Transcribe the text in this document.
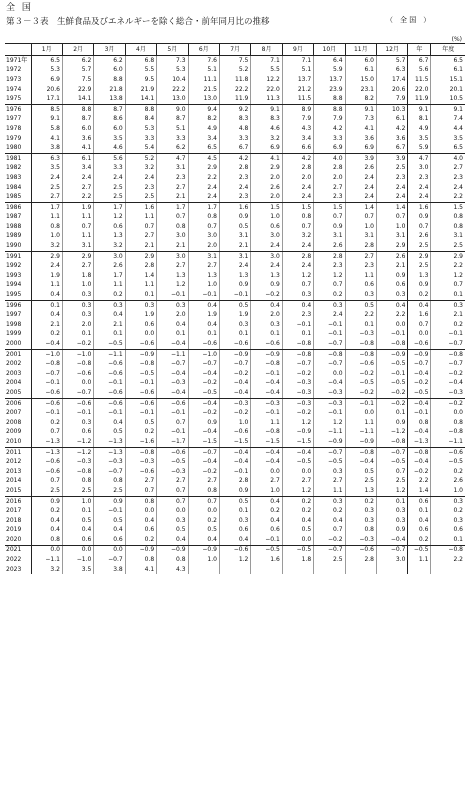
全 国
第３－３表　生鮮食品及びエネルギーを除く総合・前年同月比の推移	（　全 国　）
(%)
	1月	2月	3月	4月	5月	6月	7月	8月	9月	10月	11月	12月	年	年度
1971年	6.5	6.2	6.2	6.8	7.3	7.6	7.5	7.1	7.1	6.4	6.0	5.7	6.7	6.5
1972	5.3	5.7	6.0	5.5	5.3	5.1	5.2	5.5	5.1	5.9	6.1	6.3	5.6	6.1
1973	6.9	7.5	8.8	9.5	10.4	11.1	11.8	12.2	13.7	13.7	15.0	17.4	11.5	15.1
1974	20.6	22.9	21.8	21.9	22.2	21.5	22.2	22.0	21.2	23.9	23.1	20.6	22.0	20.1
1975	17.1	14.1	13.8	14.1	13.0	13.0	11.9	11.3	11.5	8.8	8.2	7.9	11.9	10.5
1976	8.5	8.8	8.7	8.8	9.0	9.4	9.2	9.1	8.9	8.8	9.1	10.3	9.1	9.1
1977	9.1	8.7	8.6	8.4	8.7	8.2	8.3	8.3	7.9	7.9	7.3	6.1	8.1	7.4
1978	5.8	6.0	6.0	5.3	5.1	4.9	4.8	4.6	4.3	4.2	4.1	4.2	4.9	4.4
1979	4.1	3.6	3.5	3.3	3.3	3.4	3.3	3.2	3.4	3.3	3.6	3.6	3.5	3.5
1980	3.8	4.1	4.6	5.4	6.2	6.5	6.7	6.9	6.6	6.9	6.9	6.7	5.9	6.5
1981	6.3	6.1	5.6	5.2	4.7	4.5	4.2	4.1	4.2	4.0	3.9	3.9	4.7	4.0
1982	3.5	3.4	3.3	3.2	3.1	2.9	2.8	2.9	2.8	2.8	2.6	2.5	3.0	2.7
1983	2.4	2.4	2.4	2.4	2.3	2.2	2.3	2.0	2.0	2.0	2.4	2.3	2.3	2.3
1984	2.5	2.7	2.5	2.3	2.7	2.4	2.4	2.6	2.4	2.7	2.4	2.4	2.4	2.4
1985	2.7	2.2	2.5	2.5	2.1	2.4	2.3	2.0	2.4	2.3	2.4	2.4	2.4	2.2
1986	1.7	1.9	1.7	1.6	1.7	1.7	1.6	1.5	1.5	1.5	1.4	1.4	1.6	1.5
1987	1.1	1.1	1.2	1.1	0.7	0.8	0.9	1.0	0.8	0.7	0.7	0.7	0.9	0.8
1988	0.8	0.7	0.6	0.7	0.8	0.7	0.5	0.6	0.7	0.9	1.0	1.0	0.7	0.8
1989	1.0	1.1	1.3	2.7	3.0	3.0	3.1	3.0	3.2	3.1	3.1	3.1	2.6	3.1
1990	3.2	3.1	3.2	2.1	2.1	2.0	2.1	2.4	2.4	2.6	2.8	2.9	2.5	2.5
1991	2.9	2.9	3.0	2.9	3.0	3.1	3.1	3.0	2.8	2.8	2.7	2.6	2.9	2.9
1992	2.4	2.7	2.6	2.8	2.7	2.7	2.4	2.4	2.4	2.3	2.3	2.1	2.5	2.2
1993	1.9	1.8	1.7	1.4	1.3	1.3	1.3	1.3	1.2	1.2	1.1	0.9	1.3	1.2
1994	1.1	1.0	1.1	1.1	1.2	1.0	0.9	0.9	0.7	0.7	0.6	0.6	0.9	0.7
1995	0.4	0.3	0.2	0.1	−0.1	−0.1	−0.1	−0.2	0.3	0.2	0.3	0.3	0.2	0.1
1996	0.1	0.3	0.3	0.3	0.3	0.4	0.5	0.4	0.4	0.3	0.5	0.4	0.4	0.3
1997	0.4	0.3	0.4	1.9	2.0	1.9	1.9	2.0	2.3	2.4	2.2	2.2	1.6	2.1
1998	2.1	2.0	2.1	0.6	0.4	0.4	0.3	0.3	−0.1	−0.1	0.1	0.0	0.7	0.2
1999	0.2	0.1	0.1	0.0	0.1	0.1	0.1	0.1	0.1	−0.1	−0.3	−0.1	0.0	−0.1
2000	−0.4	−0.2	−0.5	−0.6	−0.4	−0.6	−0.6	−0.6	−0.8	−0.7	−0.8	−0.8	−0.6	−0.7
2001	−1.0	−1.0	−1.1	−0.9	−1.1	−1.0	−0.9	−0.9	−0.8	−0.8	−0.8	−0.9	−0.9	−0.8
2002	−0.8	−0.8	−0.6	−0.8	−0.7	−0.7	−0.7	−0.8	−0.7	−0.7	−0.6	−0.5	−0.7	−0.7
2003	−0.7	−0.6	−0.6	−0.5	−0.4	−0.4	−0.2	−0.1	−0.2	0.0	−0.2	−0.1	−0.4	−0.2
2004	−0.1	0.0	−0.1	−0.1	−0.3	−0.2	−0.4	−0.4	−0.3	−0.4	−0.5	−0.5	−0.2	−0.4
2005	−0.6	−0.7	−0.6	−0.6	−0.4	−0.5	−0.4	−0.4	−0.3	−0.3	−0.2	−0.2	−0.5	−0.3
2006	−0.6	−0.6	−0.6	−0.6	−0.6	−0.4	−0.3	−0.3	−0.3	−0.3	−0.1	−0.2	−0.4	−0.2
2007	−0.1	−0.1	−0.1	−0.1	−0.1	−0.2	−0.2	−0.1	−0.2	−0.1	0.0	0.1	−0.1	0.0
2008	0.2	0.3	0.4	0.5	0.7	0.9	1.0	1.1	1.2	1.2	1.1	0.9	0.8	0.8
2009	0.7	0.6	0.5	0.2	−0.1	−0.4	−0.6	−0.8	−0.9	−1.1	−1.1	−1.2	−0.4	−0.8
2010	−1.3	−1.2	−1.3	−1.6	−1.7	−1.5	−1.5	−1.5	−1.5	−0.9	−0.9	−0.8	−1.3	−1.1
2011	−1.3	−1.2	−1.3	−0.8	−0.6	−0.7	−0.4	−0.4	−0.4	−0.7	−0.8	−0.7	−0.8	−0.6
2012	−0.6	−0.3	−0.3	−0.3	−0.5	−0.4	−0.4	−0.4	−0.5	−0.5	−0.4	−0.5	−0.4	−0.5
2013	−0.6	−0.8	−0.7	−0.6	−0.3	−0.2	−0.1	0.0	0.0	0.3	0.5	0.7	−0.2	0.2
2014	0.7	0.8	0.8	2.7	2.7	2.7	2.8	2.7	2.7	2.7	2.5	2.5	2.2	2.6
2015	2.5	2.5	2.5	0.7	0.7	0.8	0.9	1.0	1.2	1.1	1.3	1.2	1.4	1.0
2016	0.9	1.0	0.9	0.8	0.7	0.7	0.5	0.4	0.2	0.3	0.2	0.1	0.6	0.3
2017	0.2	0.1	−0.1	0.0	0.0	0.0	0.1	0.2	0.2	0.2	0.3	0.3	0.1	0.2
2018	0.4	0.5	0.5	0.4	0.3	0.2	0.3	0.4	0.4	0.4	0.3	0.3	0.4	0.3
2019	0.4	0.4	0.4	0.6	0.5	0.5	0.6	0.6	0.5	0.7	0.8	0.9	0.6	0.6
2020	0.8	0.6	0.6	0.2	0.4	0.4	0.4	−0.1	0.0	−0.2	−0.3	−0.4	0.2	0.1
2021	0.0	0.0	0.0	−0.9	−0.9	−0.9	−0.6	−0.5	−0.5	−0.7	−0.6	−0.7	−0.5	−0.8
2022	−1.1	−1.0	−0.7	0.8	0.8	1.0	1.2	1.6	1.8	2.5	2.8	3.0	1.1	2.2
2023	3.2	3.5	3.8	4.1	4.3									
